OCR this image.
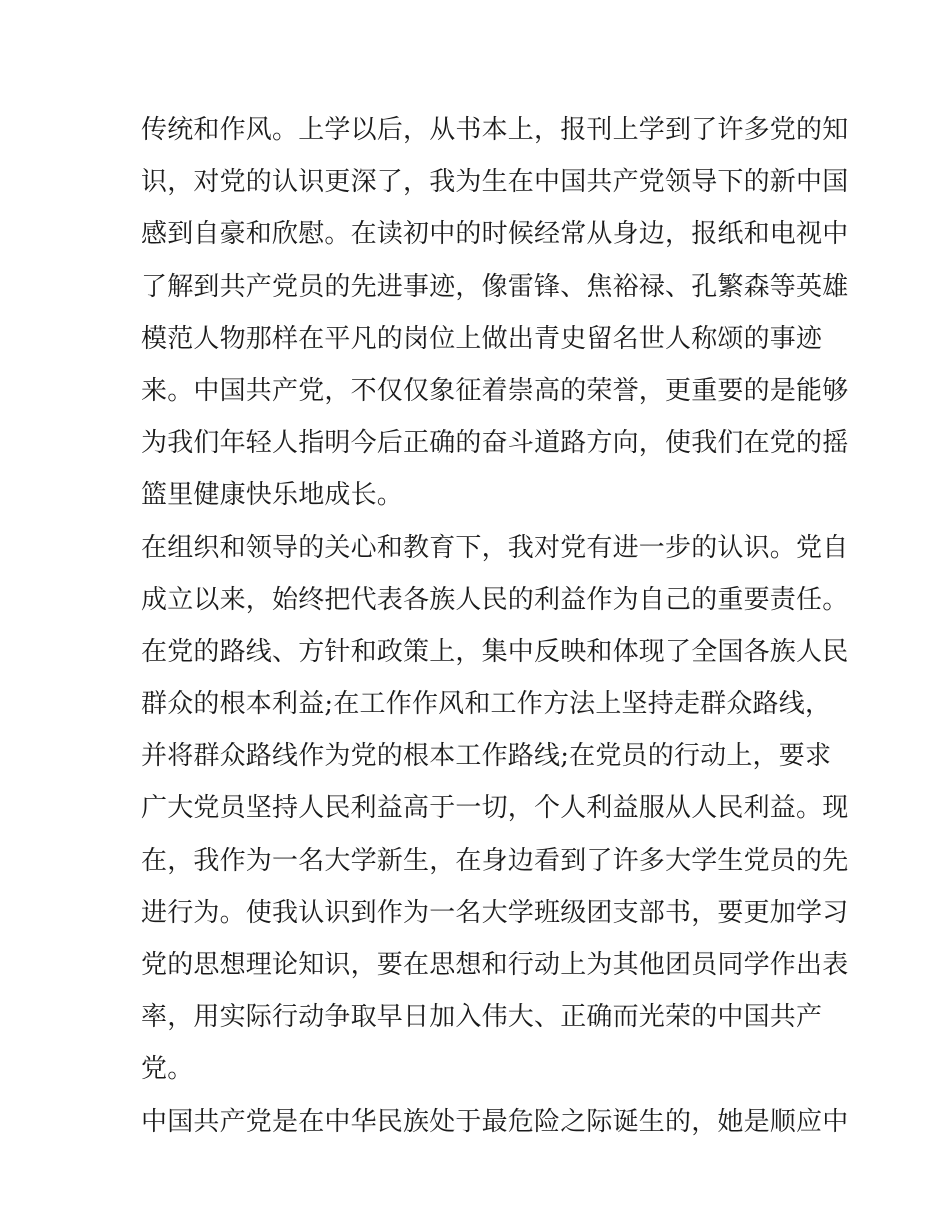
传统和作风。上学以后，从书本上，报刊上学到了许多党的知
识，对党的认识更深了，我为生在中国共产党领导下的新中国
感到自豪和欣慰。在读初中的时候经常从身边，报纸和电视中
了解到共产党员的先进事迹，像雷锋、焦裕禄、孔繁森等英雄
模范人物那样在平凡的岗位上做出青史留名世人称颂的事迹
来。中国共产党，不仅仅象征着崇高的荣誉，更重要的是能够
为我们年轻人指明今后正确的奋斗道路方向，使我们在党的摇
篮里健康快乐地成长。
在组织和领导的关心和教育下，我对党有进一步的认识。党自
成立以来，始终把代表各族人民的利益作为自己的重要责任。
在党的路线、方针和政策上，集中反映和体现了全国各族人民
群众的根本利益;在工作作风和工作方法上坚持走群众路线，
并将群众路线作为党的根本工作路线;在党员的行动上，要求
广大党员坚持人民利益高于一切，个人利益服从人民利益。现
在，我作为一名大学新生，在身边看到了许多大学生党员的先
进行为。使我认识到作为一名大学班级团支部书，要更加学习
党的思想理论知识，要在思想和行动上为其他团员同学作出表
率，用实际行动争取早日加入伟大、正确而光荣的中国共产
党。
中国共产党是在中华民族处于最危险之际诞生的，她是顺应中
